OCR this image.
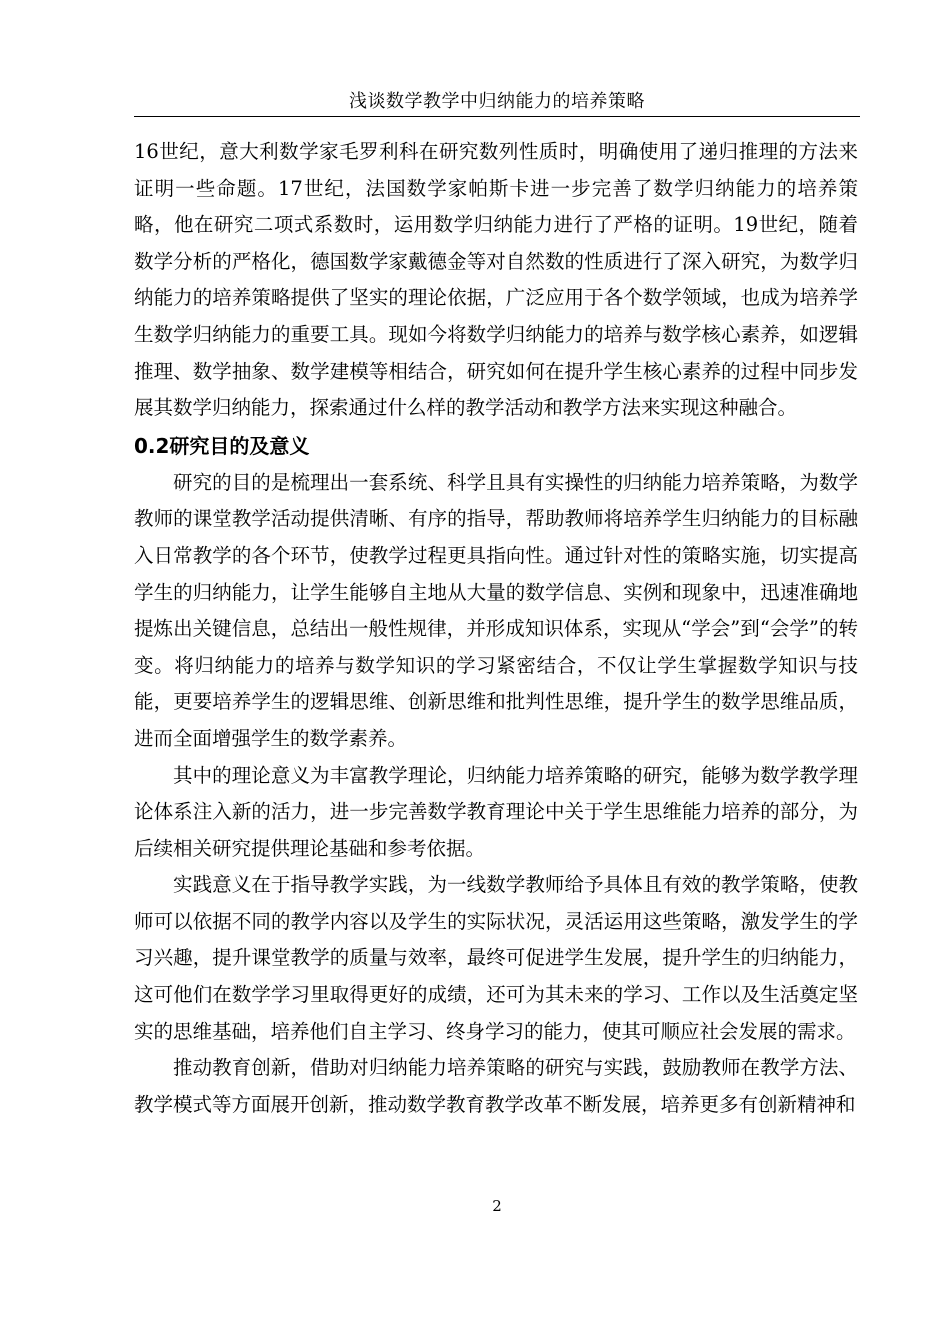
浅谈数学教学中归纳能力的培养策略

16世纪，意大利数学家毛罗利科在研究数列性质时，明确使用了递归推理的方法来证明一些命题。17世纪，法国数学家帕斯卡进一步完善了数学归纳能力的培养策略，他在研究二项式系数时，运用数学归纳能力进行了严格的证明。19世纪，随着数学分析的严格化，德国数学家戴德金等对自然数的性质进行了深入研究，为数学归纳能力的培养策略提供了坚实的理论依据，广泛应用于各个数学领域，也成为培养学生数学归纳能力的重要工具。现如今将数学归纳能力的培养与数学核心素养，如逻辑推理、数学抽象、数学建模等相结合，研究如何在提升学生核心素养的过程中同步发展其数学归纳能力，探索通过什么样的教学活动和教学方法来实现这种融合。

0.2研究目的及意义

研究的目的是梳理出一套系统、科学且具有实操性的归纳能力培养策略，为数学教师的课堂教学活动提供清晰、有序的指导，帮助教师将培养学生归纳能力的目标融入日常教学的各个环节，使教学过程更具指向性。通过针对性的策略实施，切实提高学生的归纳能力，让学生能够自主地从大量的数学信息、实例和现象中，迅速准确地提炼出关键信息，总结出一般性规律，并形成知识体系，实现从“学会”到“会学”的转变。将归纳能力的培养与数学知识的学习紧密结合，不仅让学生掌握数学知识与技能，更要培养学生的逻辑思维、创新思维和批判性思维，提升学生的数学思维品质，进而全面增强学生的数学素养。

其中的理论意义为丰富教学理论，归纳能力培养策略的研究，能够为数学教学理论体系注入新的活力，进一步完善数学教育理论中关于学生思维能力培养的部分，为后续相关研究提供理论基础和参考依据。

实践意义在于指导教学实践，为一线数学教师给予具体且有效的教学策略，使教师可以依据不同的教学内容以及学生的实际状况，灵活运用这些策略，激发学生的学习兴趣，提升课堂教学的质量与效率，最终可促进学生发展，提升学生的归纳能力，这可他们在数学学习里取得更好的成绩，还可为其未来的学习、工作以及生活奠定坚实的思维基础，培养他们自主学习、终身学习的能力，使其可顺应社会发展的需求。

推动教育创新，借助对归纳能力培养策略的研究与实践，鼓励教师在教学方法、教学模式等方面展开创新，推动数学教育教学改革不断发展，培养更多有创新精神和

2
